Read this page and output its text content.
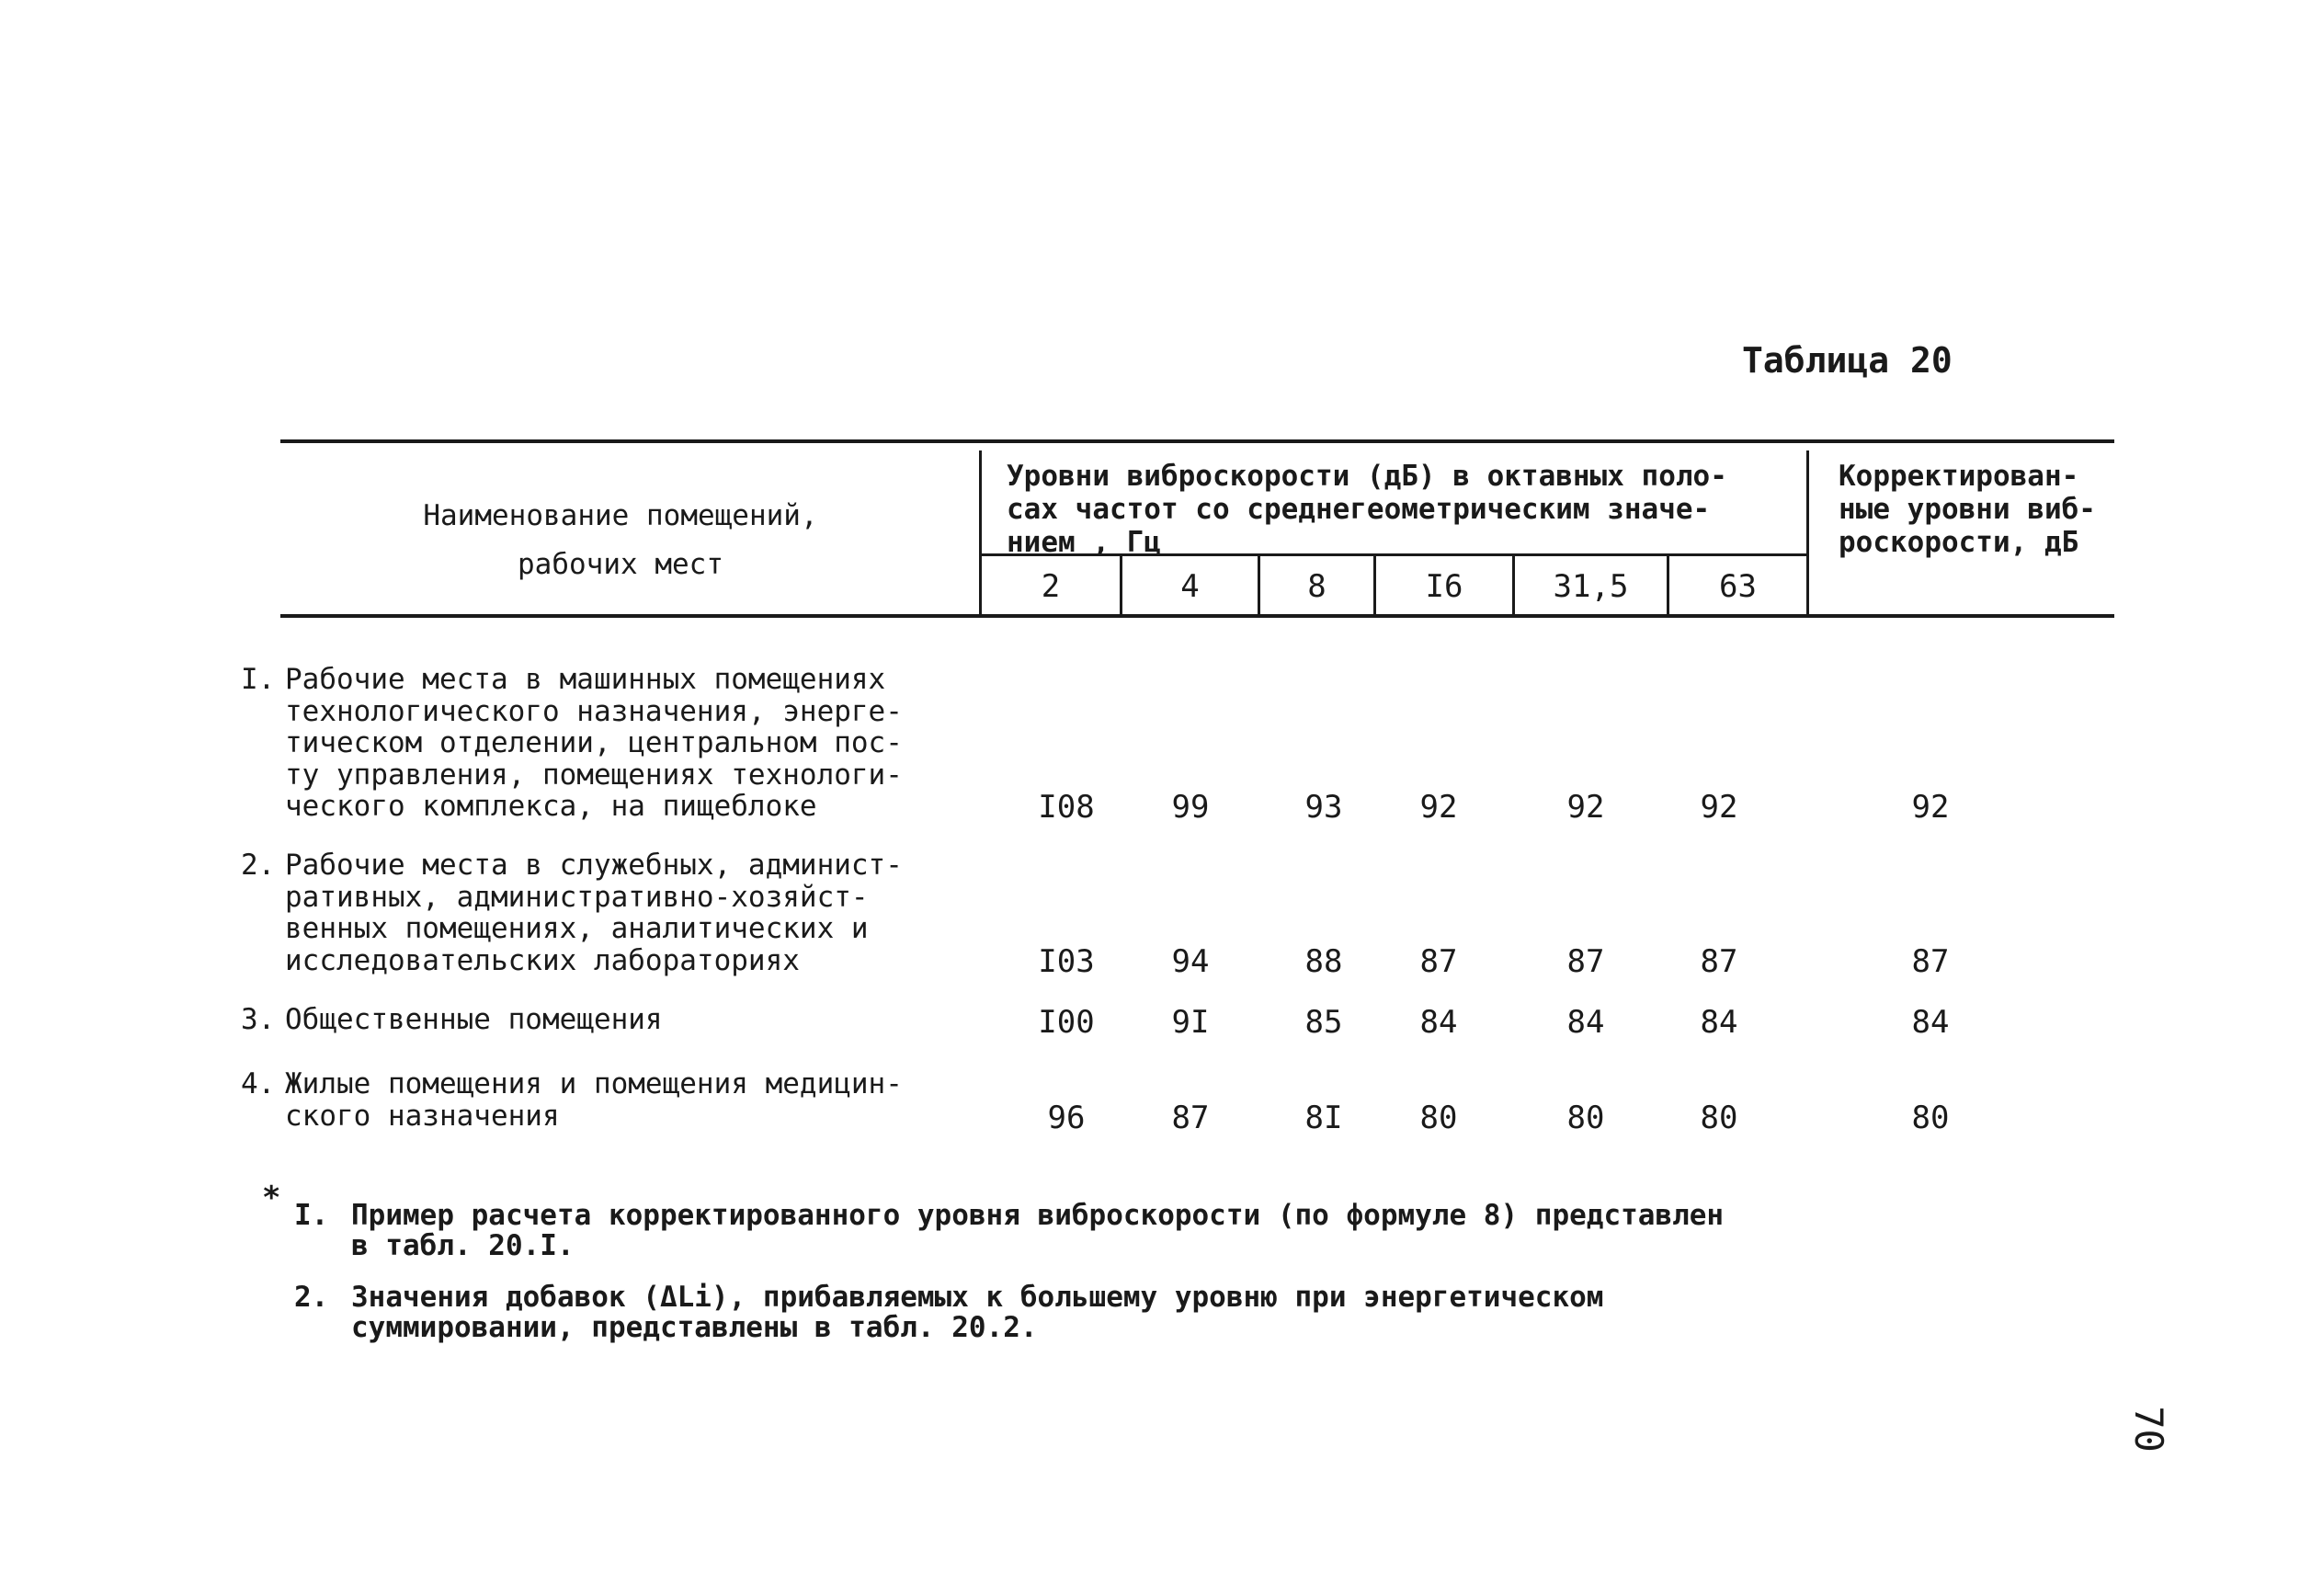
Таблица 20
Наименование помещений,
рабочих мест
Уровни виброскорости (дБ) в октавных поло-
сах частот со среднегеометрическим значе-
нием , Гц
Корректирован-
ные уровни виб-
роскорости, дБ
2	4	8	I6	31,5	63
I. Рабочие места в машинных помещениях
технологического назначения, энерге-
тическом отделении, центральном пос-
ту управления, помещениях технологи-
ческого комплекса, на пищеблоке	I08	99	93	92	92	92	92
2. Рабочие места в служебных, админист-
ративных, административно-хозяйст-
венных помещениях, аналитических и
исследовательских лабораториях	I03	94	88	87	87	87	87
3. Общественные помещения	I00	9I	85	84	84	84	84
4. Жилые помещения и помещения медицин-
ского назначения	96	87	8I	80	80	80	80
* I. Пример расчета корректированного уровня виброскорости (по формуле 8) представлен
в табл. 20.I.
2. Значения добавок (ΔLi), прибавляемых к большему уровню при энергетическом
суммировании, представлены в табл. 20.2.
70
